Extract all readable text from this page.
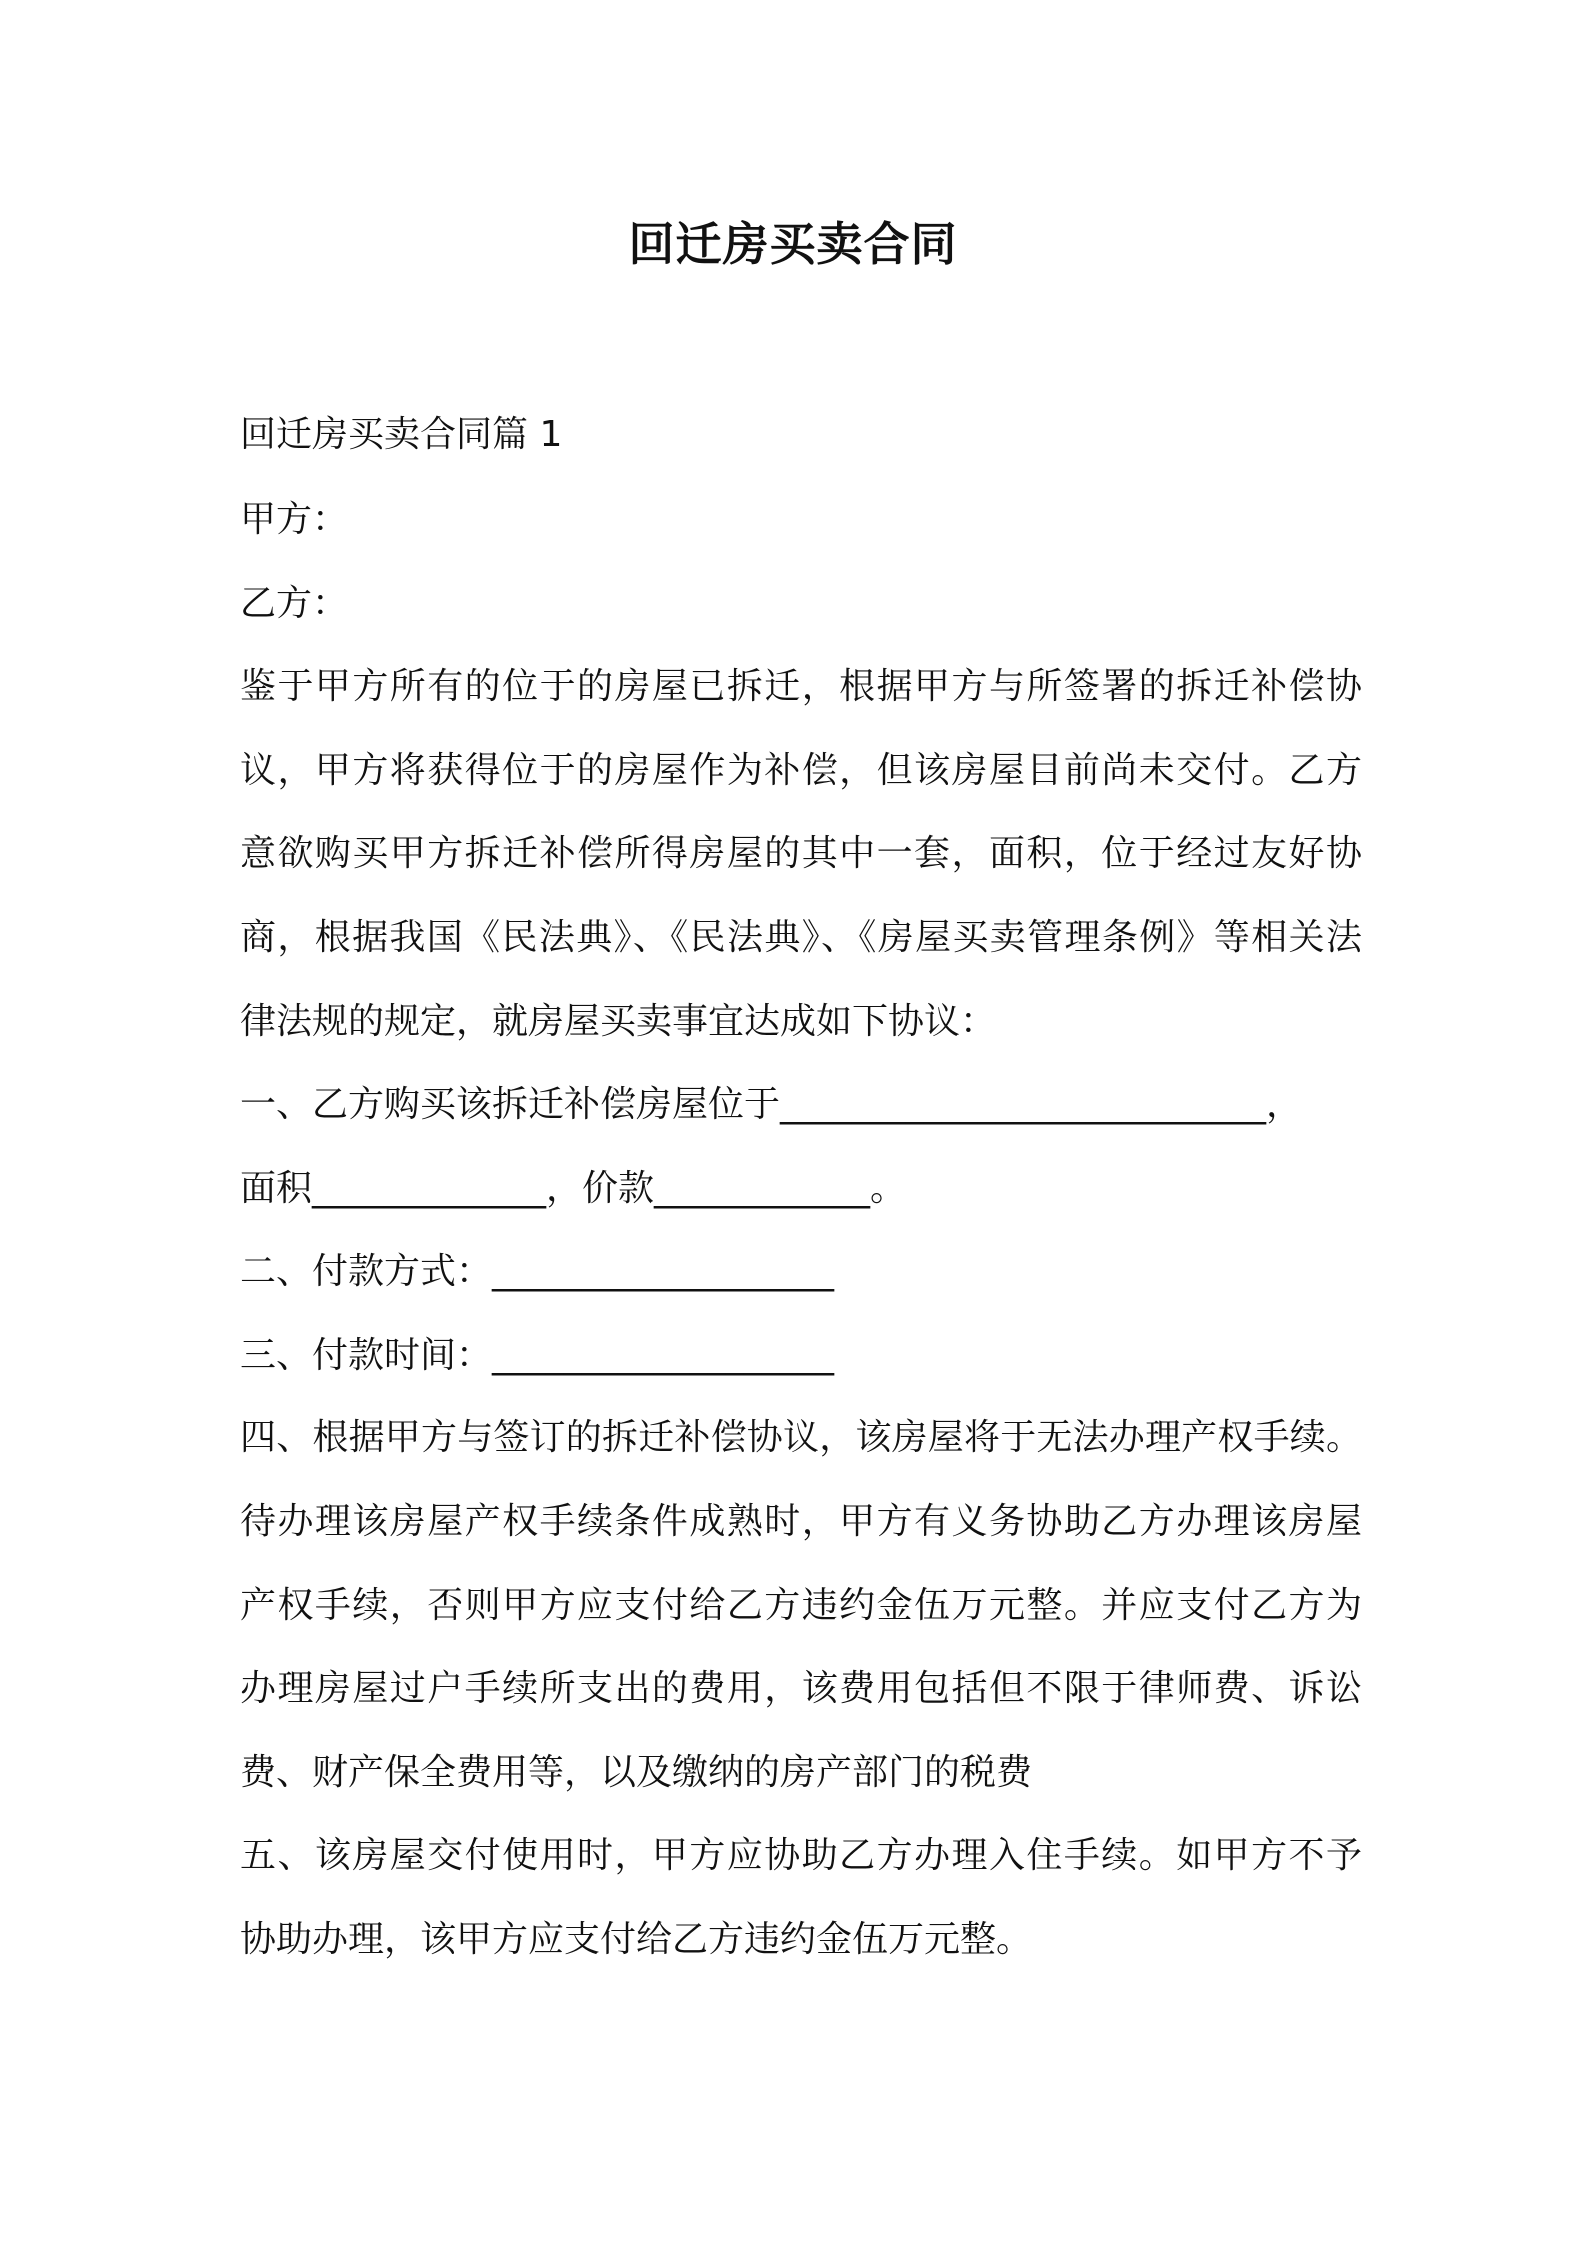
回迁房买卖合同
回迁房买卖合同篇 1
甲方：
乙方：
鉴于甲方所有的位于的房屋已拆迁，根据甲方与所签署的拆迁补偿协
议，甲方将获得位于的房屋作为补偿，但该房屋目前尚未交付。乙方
意欲购买甲方拆迁补偿所得房屋的其中一套，面积，位于经过友好协
商，根据我国《民法典》、《民法典》、《房屋买卖管理条例》等相关法
律法规的规定，就房屋买卖事宜达成如下协议：
一、乙方购买该拆迁补偿房屋位于___________________________，
面积_____________，价款____________。
二、付款方式：___________________
三、付款时间：___________________
四、根据甲方与签订的拆迁补偿协议，该房屋将于无法办理产权手续。
待办理该房屋产权手续条件成熟时，甲方有义务协助乙方办理该房屋
产权手续，否则甲方应支付给乙方违约金伍万元整。并应支付乙方为
办理房屋过户手续所支出的费用，该费用包括但不限于律师费、诉讼
费、财产保全费用等，以及缴纳的房产部门的税费
五、该房屋交付使用时，甲方应协助乙方办理入住手续。如甲方不予
协助办理，该甲方应支付给乙方违约金伍万元整。
